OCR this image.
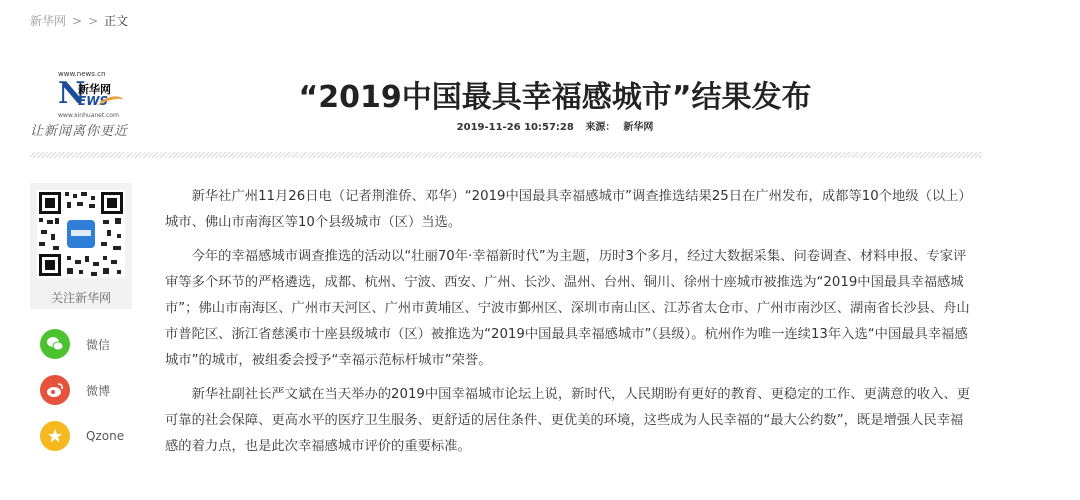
新华网 > > 正文
www.news.cn
N
新华网
EWS
www.xinhuanet.com
让新闻离你更近
“2019中国最具幸福感城市”结果发布
2019-11-26 10:57:28 来源： 新华网
关注新华网
微信
微博
Qzone

新华社广州11月26日电（记者荆淮侨、邓华）“2019中国最具幸福感城市”调查推选结果25日在广州发布，成都等10个地级（以上）城市、佛山市南海区等10个县级城市（区）当选。

今年的幸福感城市调查推选的活动以“壮丽70年·幸福新时代”为主题，历时3个多月，经过大数据采集、问卷调查、材料申报、专家评审等多个环节的严格遴选，成都、杭州、宁波、西安、广州、长沙、温州、台州、铜川、徐州十座城市被推选为“2019中国最具幸福感城市”；佛山市南海区、广州市天河区、广州市黄埔区、宁波市鄞州区、深圳市南山区、江苏省太仓市、广州市南沙区、湖南省长沙县、舟山市普陀区、浙江省慈溪市十座县级城市（区）被推选为“2019中国最具幸福感城市”（县级）。杭州作为唯一连续13年入选“中国最具幸福感城市”的城市，被组委会授予“幸福示范标杆城市”荣誉。

新华社副社长严文斌在当天举办的2019中国幸福城市论坛上说，新时代，人民期盼有更好的教育、更稳定的工作、更满意的收入、更可靠的社会保障、更高水平的医疗卫生服务、更舒适的居住条件、更优美的环境，这些成为人民幸福的“最大公约数”，既是增强人民幸福感的着力点，也是此次幸福感城市评价的重要标准。
